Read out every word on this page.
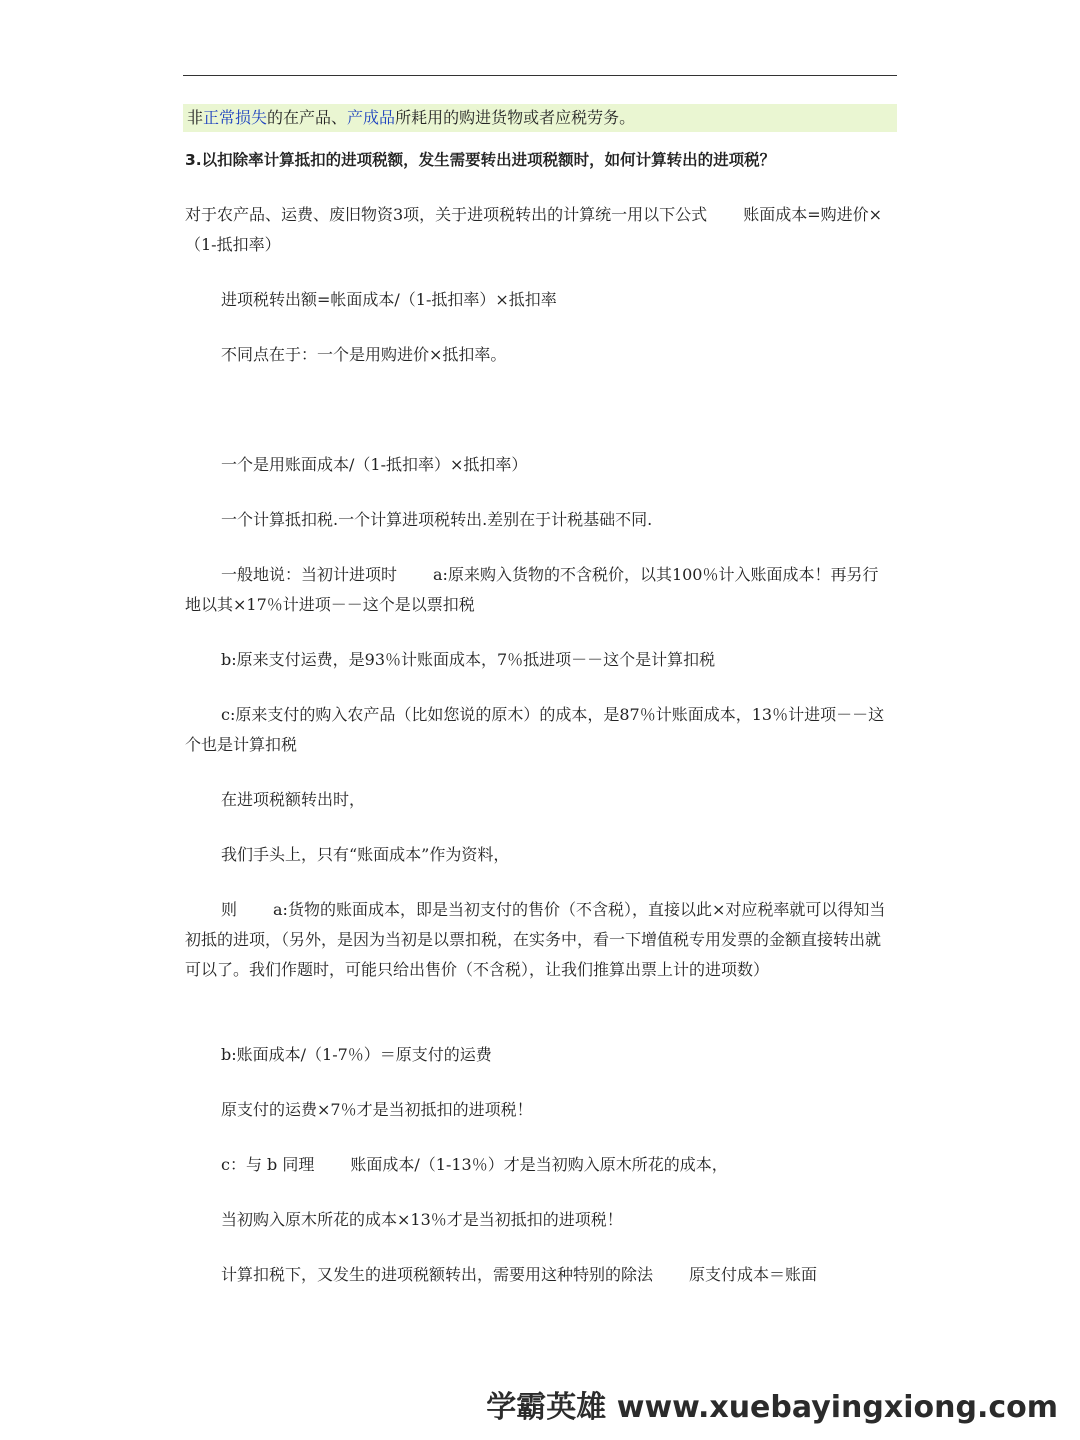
非正常损失的在产品、产成品所耗用的购进货物或者应税劳务。
3.以扣除率计算抵扣的进项税额，发生需要转出进项税额时，如何计算转出的进项税？

对于农产品、运费、废旧物资3项，关于进项税转出的计算统一用以下公式 账面成本=购进价×（1-抵扣率）

进项税转出额=帐面成本/（1-抵扣率）×抵扣率

不同点在于：一个是用购进价×抵扣率。

一个是用账面成本/（1-抵扣率）×抵扣率）

一个计算抵扣税.一个计算进项税转出.差别在于计税基础不同.

一般地说：当初计进项时 a:原来购入货物的不含税价，以其100％计入账面成本！再另行地以其×17％计进项－－这个是以票扣税

b:原来支付运费，是93％计账面成本，7％抵进项－－这个是计算扣税

c:原来支付的购入农产品（比如您说的原木）的成本，是87％计账面成本，13％计进项－－这个也是计算扣税

在进项税额转出时，

我们手头上，只有“账面成本”作为资料，

则 a:货物的账面成本，即是当初支付的售价（不含税），直接以此×对应税率就可以得知当初抵的进项，（另外，是因为当初是以票扣税，在实务中，看一下增值税专用发票的金额直接转出就可以了。我们作题时，可能只给出售价（不含税），让我们推算出票上计的进项数）

b:账面成本/（1-7％）＝原支付的运费

原支付的运费×7％才是当初抵扣的进项税！

c：与 b 同理 账面成本/（1-13％）才是当初购入原木所花的成本，

当初购入原木所花的成本×13％才是当初抵扣的进项税！

计算扣税下，又发生的进项税额转出，需要用这种特别的除法 原支付成本＝账面

学霸英雄 www.xuebayingxiong.com
